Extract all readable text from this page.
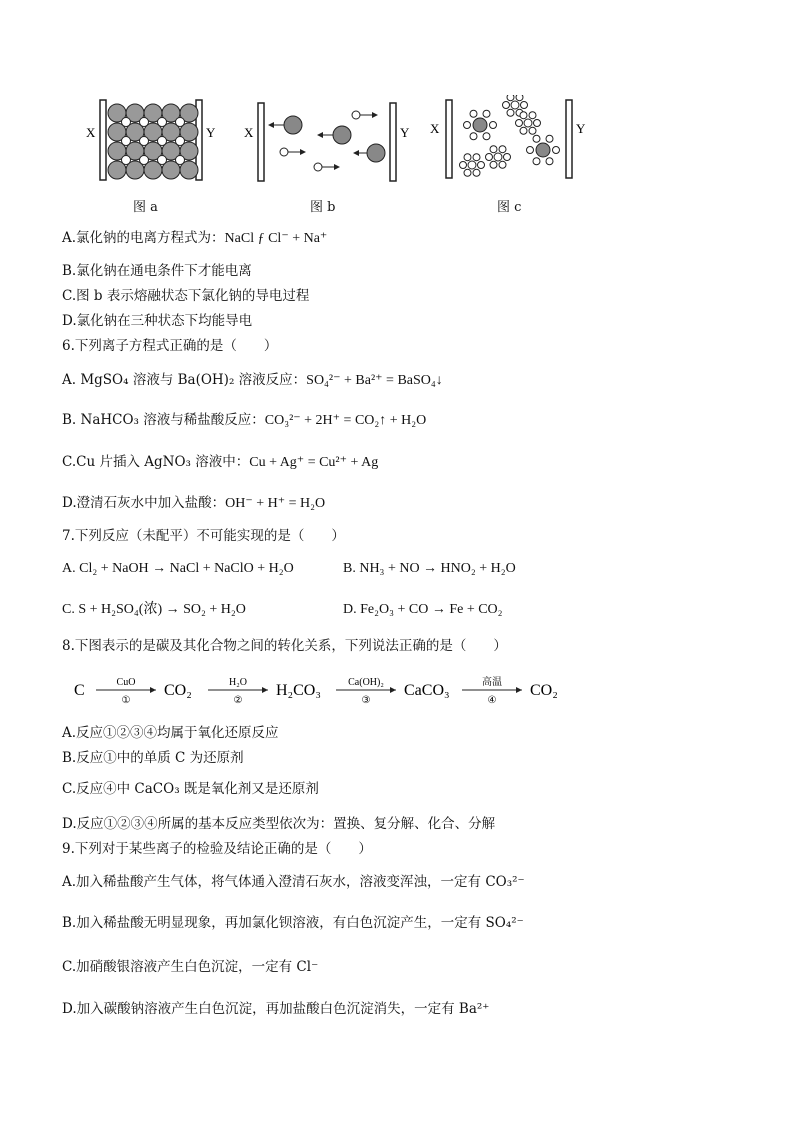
X	Y X	Y X	Y
图 a	图 b	图 c
A.氯化钠的电离方程式为：NaCl ƒ Cl⁻ + Na⁺
B.氯化钠在通电条件下才能电离
C.图 b 表示熔融状态下氯化钠的导电过程
D.氯化钠在三种状态下均能导电
6.下列离子方程式正确的是（　　）
A. MgSO₄ 溶液与 Ba(OH)₂ 溶液反应：SO₄²⁻ + Ba²⁺ = BaSO₄↓
B. NaHCO₃ 溶液与稀盐酸反应：CO₃²⁻ + 2H⁺ = CO₂↑ + H₂O
C.Cu 片插入 AgNO₃ 溶液中：Cu + Ag⁺ = Cu²⁺ + Ag
D.澄清石灰水中加入盐酸：OH⁻ + H⁺ = H₂O
7.下列反应（未配平）不可能实现的是（　　）
A. Cl₂ + NaOH → NaCl + NaClO + H₂O	B. NH₃ + NO → HNO₂ + H₂O
C. S + H₂SO₄(浓) → SO₂ + H₂O	D. Fe₂O₃ + CO → Fe + CO₂
8.下图表示的是碳及其化合物之间的转化关系，下列说法正确的是（　　）
C	CuO
①
CO₂	H₂O
②
H₂CO₃	Ca(OH)₂
③
CaCO₃	高温
④
CO₂
A.反应①②③④均属于氧化还原反应
B.反应①中的单质 C 为还原剂
C.反应④中 CaCO₃ 既是氧化剂又是还原剂
D.反应①②③④所属的基本反应类型依次为：置换、复分解、化合、分解
9.下列对于某些离子的检验及结论正确的是（　　）
A.加入稀盐酸产生气体，将气体通入澄清石灰水，溶液变浑浊，一定有 CO₃²⁻
B.加入稀盐酸无明显现象，再加氯化钡溶液，有白色沉淀产生，一定有 SO₄²⁻
C.加硝酸银溶液产生白色沉淀，一定有 Cl⁻
D.加入碳酸钠溶液产生白色沉淀，再加盐酸白色沉淀消失，一定有 Ba²⁺
